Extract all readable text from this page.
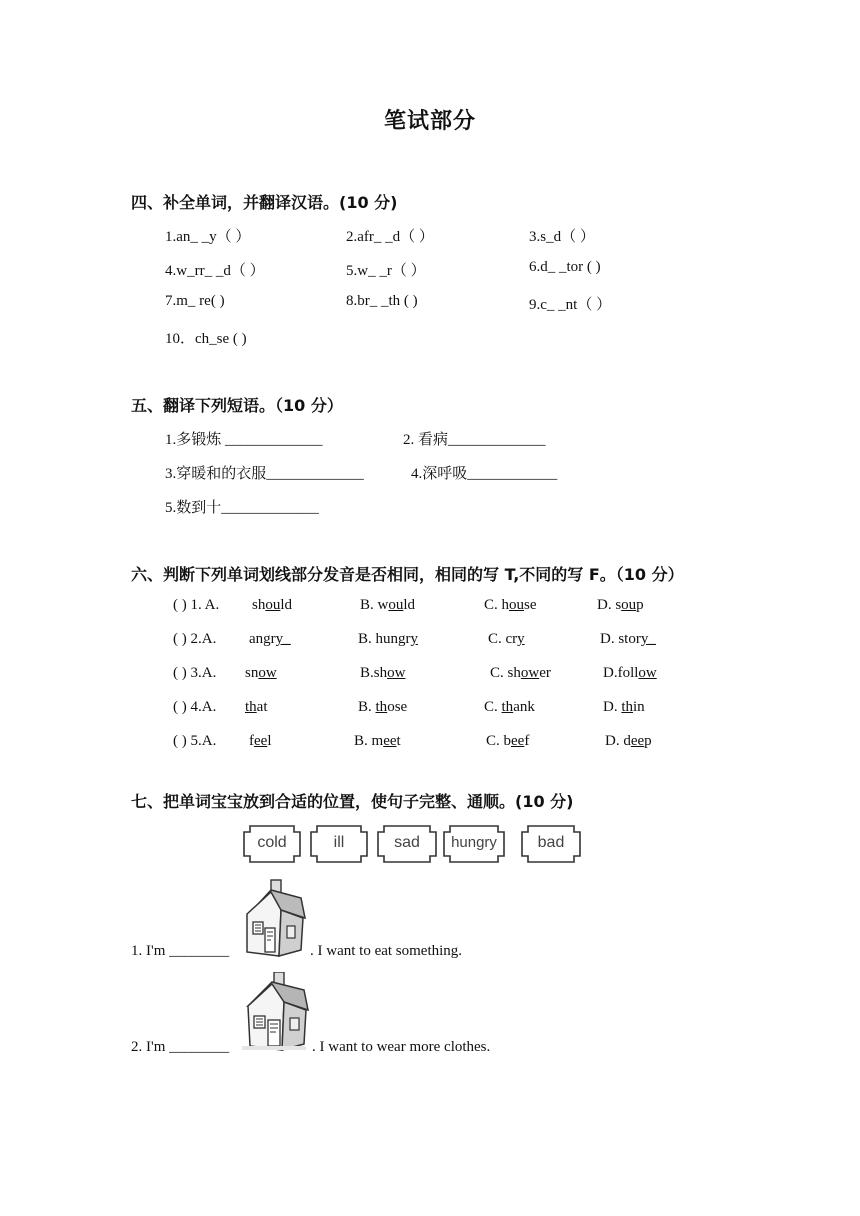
笔试部分
四、补全单词，并翻译汉语。(10 分)
1.an_ _y（ ）	2.afr_ _d（ ）	3.s_d（ ）
4.w_rr_ _d（ ）	5.w_ _r（ ）	6.d_ _tor ( )
7.m_ re( )	8.br_ _th ( )	9.c_ _nt（ ）
10．ch_se ( )
五、翻译下列短语。（10 分）
1.多锻炼 _____________	2. 看病_____________
3.穿暖和的衣服_____________	4.深呼吸____________
5.数到十_____________
六、判断下列单词划线部分发音是否相同，相同的写 T,不同的写 F。（10 分）
( ) 1. A. should	B. would	C. house	D. soup
( ) 2.A. angry_	B. hungry	C. cry	D. story_
( ) 3.A. snow	B.show	C. shower	D.follow
( ) 4.A. that	B. those	C. thank	D. thin
( ) 5.A. feel	B. meet	C. beef	D. deep
七、把单词宝宝放到合适的位置，使句子完整、通顺。(10 分)
cold	ill	sad	hungry	bad
1. I'm ________	. I want to eat something.
2. I'm ________	. I want to wear more clothes.
